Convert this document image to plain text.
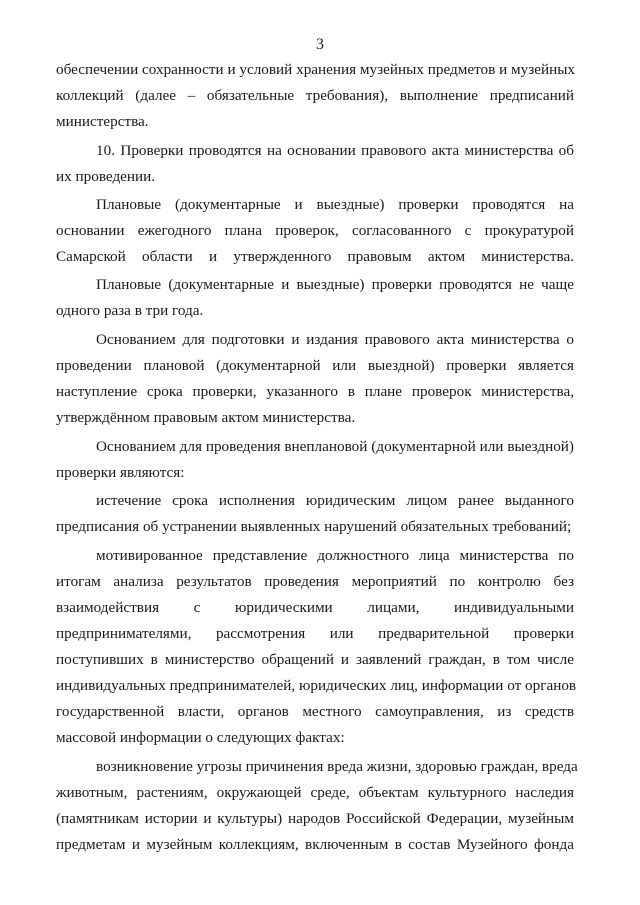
3
обеспечении сохранности и условий хранения музейных предметов и музейных
коллекций (далее – обязательные требования), выполнение предписаний
министерства.
10. Проверки проводятся на основании правового акта министерства об
их проведении.
Плановые (документарные и выездные) проверки проводятся на
основании ежегодного плана проверок, согласованного с прокуратурой
Самарской области и утвержденного правовым актом министерства.
Плановые (документарные и выездные) проверки проводятся не чаще
одного раза в три года.
Основанием для подготовки и издания правового акта министерства о
проведении плановой (документарной или выездной) проверки является
наступление срока проверки, указанного в плане проверок министерства,
утверждённом правовым актом министерства.
Основанием для проведения внеплановой (документарной или выездной)
проверки являются:
истечение срока исполнения юридическим лицом ранее выданного
предписания об устранении выявленных нарушений обязательных требований;
мотивированное представление должностного лица министерства по
итогам анализа результатов проведения мероприятий по контролю без
взаимодействия с юридическими лицами, индивидуальными
предпринимателями, рассмотрения или предварительной проверки
поступивших в министерство обращений и заявлений граждан, в том числе
индивидуальных предпринимателей, юридических лиц, информации от органов
государственной власти, органов местного самоуправления, из средств
массовой информации о следующих фактах:
возникновение угрозы причинения вреда жизни, здоровью граждан, вреда
животным, растениям, окружающей среде, объектам культурного наследия
(памятникам истории и культуры) народов Российской Федерации, музейным
предметам и музейным коллекциям, включенным в состав Музейного фонда
